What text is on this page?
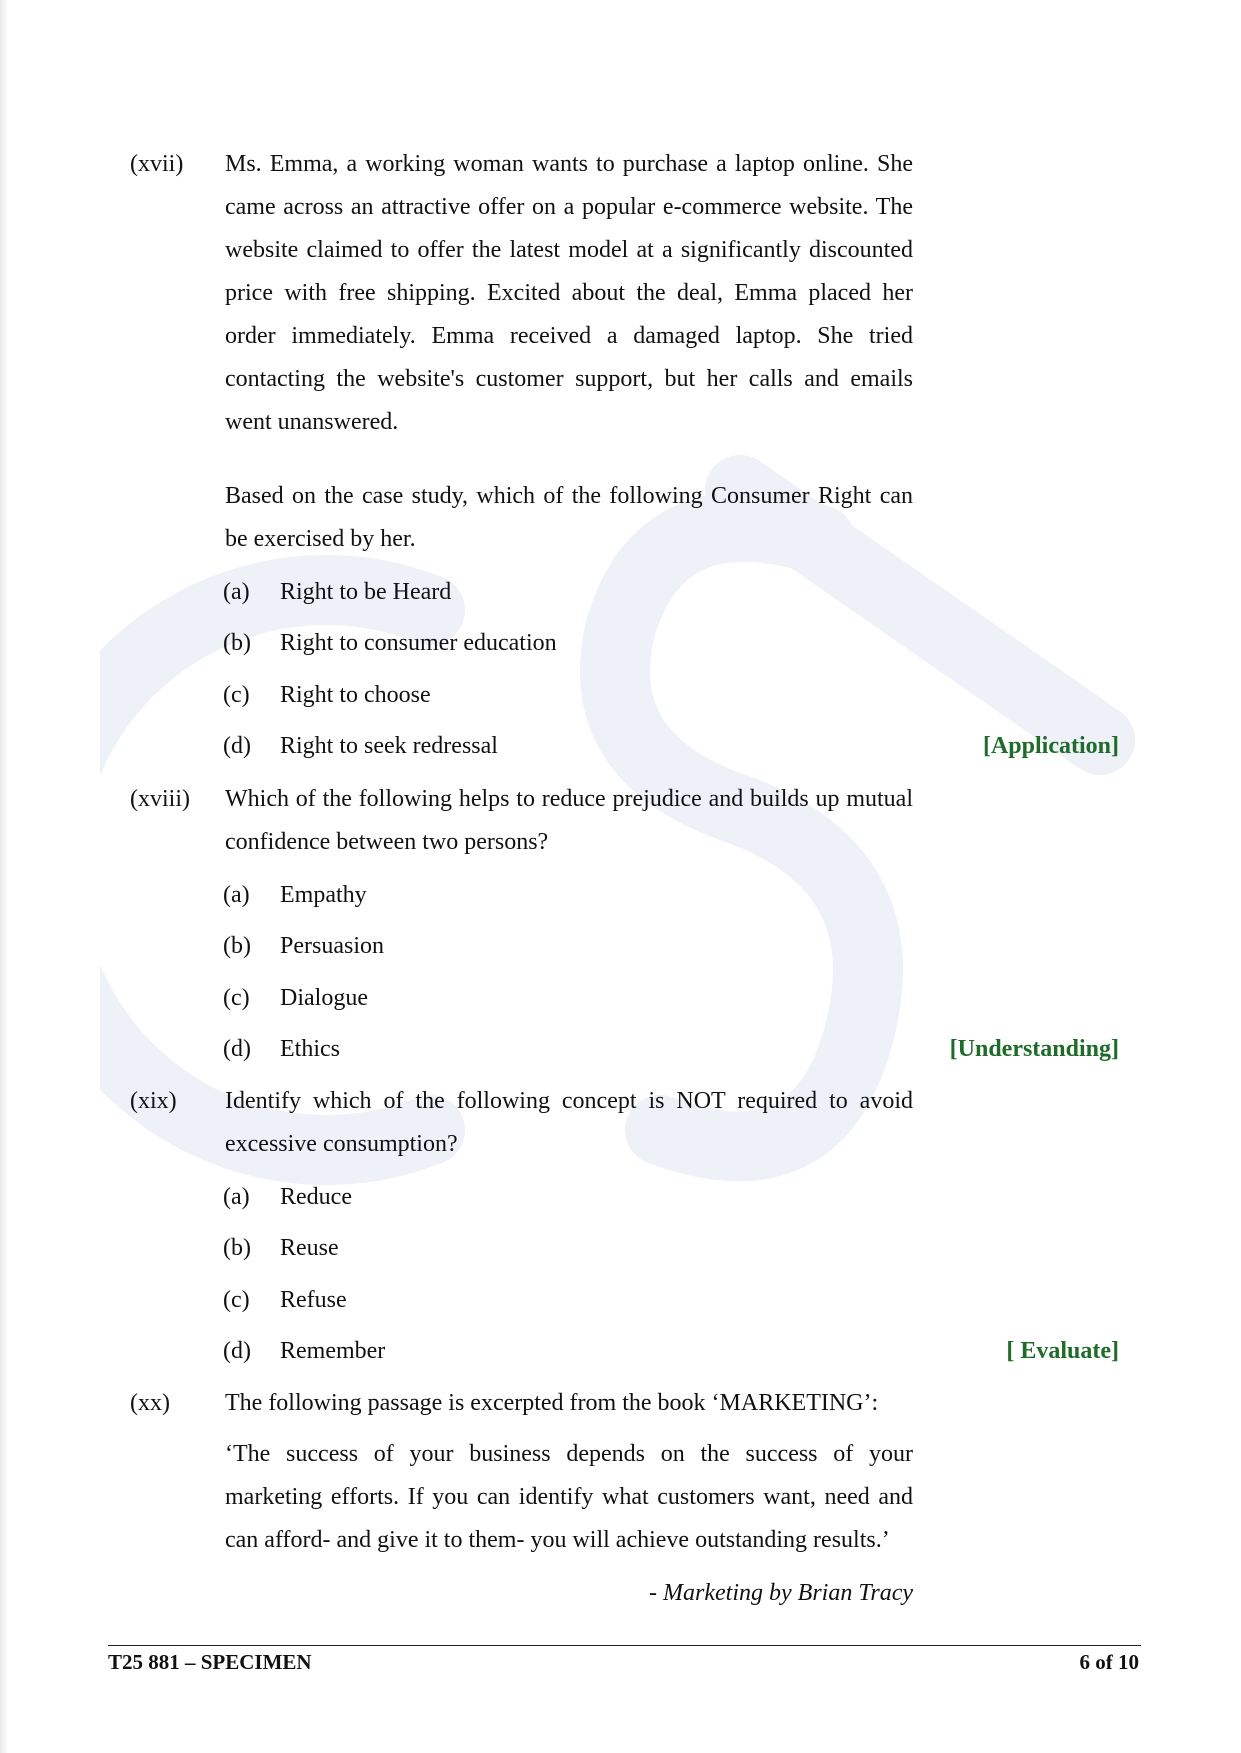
CISCE
(xvii) Ms. Emma, a working woman wants to purchase a laptop online. She came across an attractive offer on a popular e-commerce website. The website claimed to offer the latest model at a significantly discounted price with free shipping. Excited about the deal, Emma placed her order immediately. Emma received a damaged laptop. She tried contacting the website's customer support, but her calls and emails went unanswered.
Based on the case study, which of the following Consumer Right can be exercised by her.
(a) Right to be Heard
(b) Right to consumer education
(c) Right to choose
(d) Right to seek redressal	[Application]
(xviii) Which of the following helps to reduce prejudice and builds up mutual confidence between two persons?
(a) Empathy
(b) Persuasion
(c) Dialogue
(d) Ethics	[Understanding]
(xix) Identify which of the following concept is NOT required to avoid excessive consumption?
(a) Reduce
(b) Reuse
(c) Refuse
(d) Remember	[ Evaluate]
(xx) The following passage is excerpted from the book ‘MARKETING’:
‘The success of your business depends on the success of your marketing efforts. If you can identify what customers want, need and can afford- and give it to them- you will achieve outstanding results.’
- Marketing by Brian Tracy
T25 881 – SPECIMEN	6 of 10
